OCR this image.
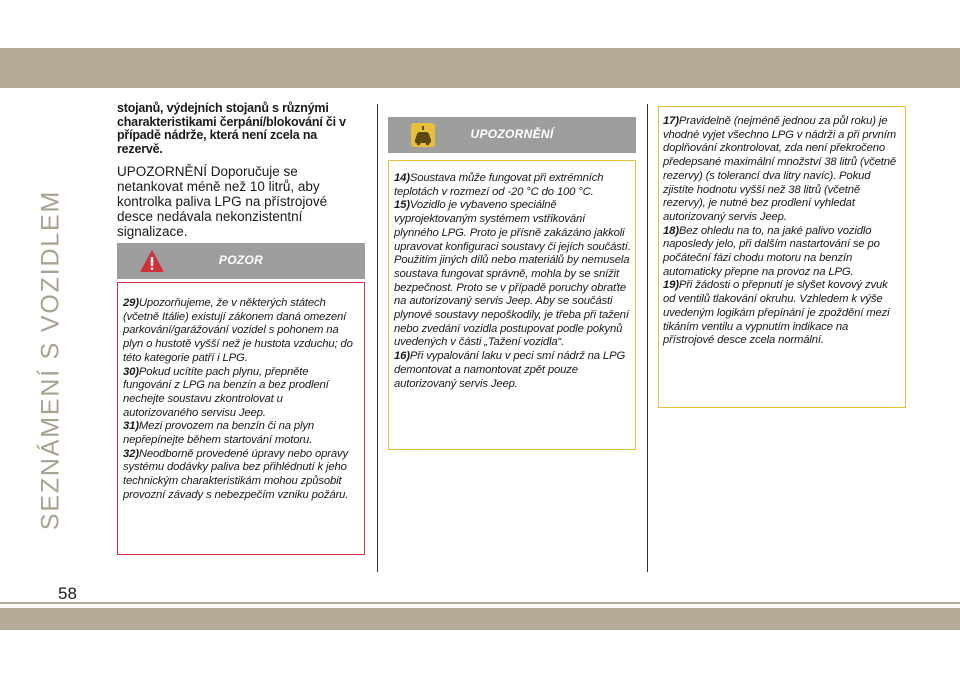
SEZNÁMENÍ S VOZIDLEM
58

stojanů, výdejních stojanů s různými charakteristikami čerpání/blokování či v případě nádrže, která není zcela na rezervě.

UPOZORNĚNÍ Doporučuje se netankovat méně než 10 litrů, aby kontrolka paliva LPG na přístrojové desce nedávala nekonzistentní signalizace.

POZOR

29)Upozorňujeme, že v některých státech (včetně Itálie) existují zákonem daná omezení parkování/garážování vozidel s pohonem na plyn o hustotě vyšší než je hustota vzduchu; do této kategorie patří i LPG.

30)Pokud ucítíte pach plynu, přepněte fungování z LPG na benzín a bez prodlení nechejte soustavu zkontrolovat u autorizovaného servisu Jeep.

31)Mezi provozem na benzín či na plyn nepřepínejte během startování motoru.

32)Neodborně provedené úpravy nebo opravy systému dodávky paliva bez přihlédnutí k jeho technickým charakteristikám mohou způsobit provozní závady s nebezpečím vzniku požáru.

UPOZORNĚNÍ

14)Soustava může fungovat při extrémních teplotách v rozmezí od -20 °C do 100 °C.

15)Vozidlo je vybaveno speciálně vyprojektovaným systémem vstřikování plynného LPG. Proto je přísně zakázáno jakkoli upravovat konfiguraci soustavy či jejích součástí. Použitím jiných dílů nebo materiálů by nemusela soustava fungovat správně, mohla by se snížit bezpečnost. Proto se v případě poruchy obraťte na autorizovaný servis Jeep. Aby se součásti plynové soustavy nepoškodily, je třeba při tažení nebo zvedání vozidla postupovat podle pokynů uvedených v části „Tažení vozidla“.

16)Při vypalování laku v peci smí nádrž na LPG demontovat a namontovat zpět pouze autorizovaný servis Jeep.

17)Pravidelně (nejméně jednou za půl roku) je vhodné vyjet všechno LPG v nádrži a při prvním doplňování zkontrolovat, zda není překročeno předepsané maximální množství 38 litrů (včetně rezervy) (s tolerancí dva litry navíc). Pokud zjistíte hodnotu vyšší než 38 litrů (včetně rezervy), je nutné bez prodlení vyhledat autorizovaný servis Jeep.

18)Bez ohledu na to, na jaké palivo vozidlo naposledy jelo, při dalším nastartování se po počáteční fázi chodu motoru na benzín automaticky přepne na provoz na LPG.

19)Při žádosti o přepnutí je slyšet kovový zvuk od ventilů tlakování okruhu. Vzhledem k výše uvedeným logikám přepínání je zpoždění mezi tikáním ventilu a vypnutím indikace na přístrojové desce zcela normální.
